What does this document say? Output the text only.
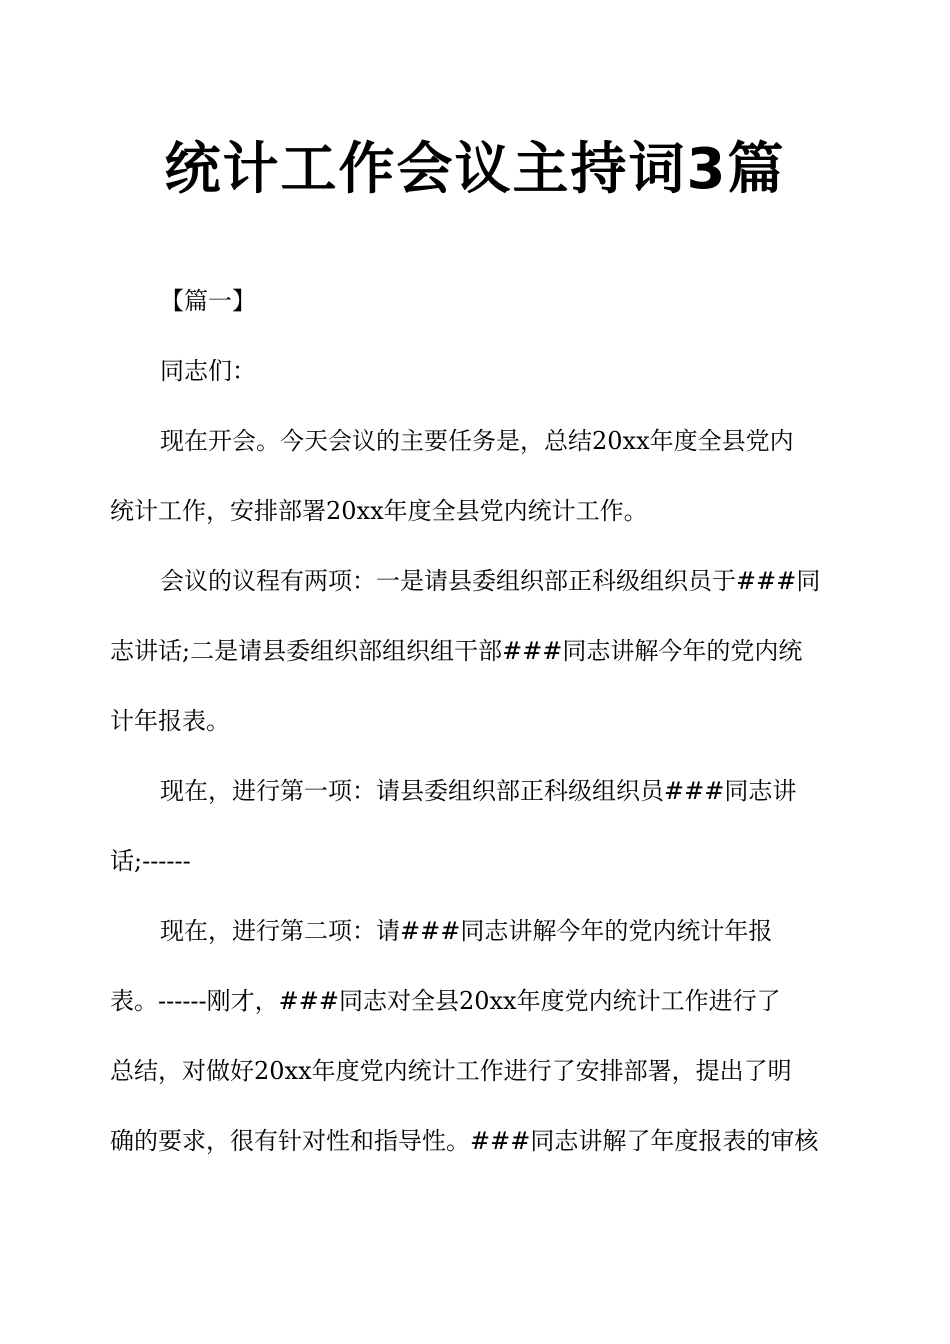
统计工作会议主持词3篇

【篇一】

同志们：

现在开会。今天会议的主要任务是，总结20xx年度全县党内

统计工作，安排部署20xx年度全县党内统计工作。

会议的议程有两项：一是请县委组织部正科级组织员于###同

志讲话;二是请县委组织部组织组干部###同志讲解今年的党内统

计年报表。

现在，进行第一项：请县委组织部正科级组织员###同志讲

话;------

现在，进行第二项：请###同志讲解今年的党内统计年报

表。------刚才，###同志对全县20xx年度党内统计工作进行了

总结，对做好20xx年度党内统计工作进行了安排部署，提出了明

确的要求，很有针对性和指导性。###同志讲解了年度报表的审核
